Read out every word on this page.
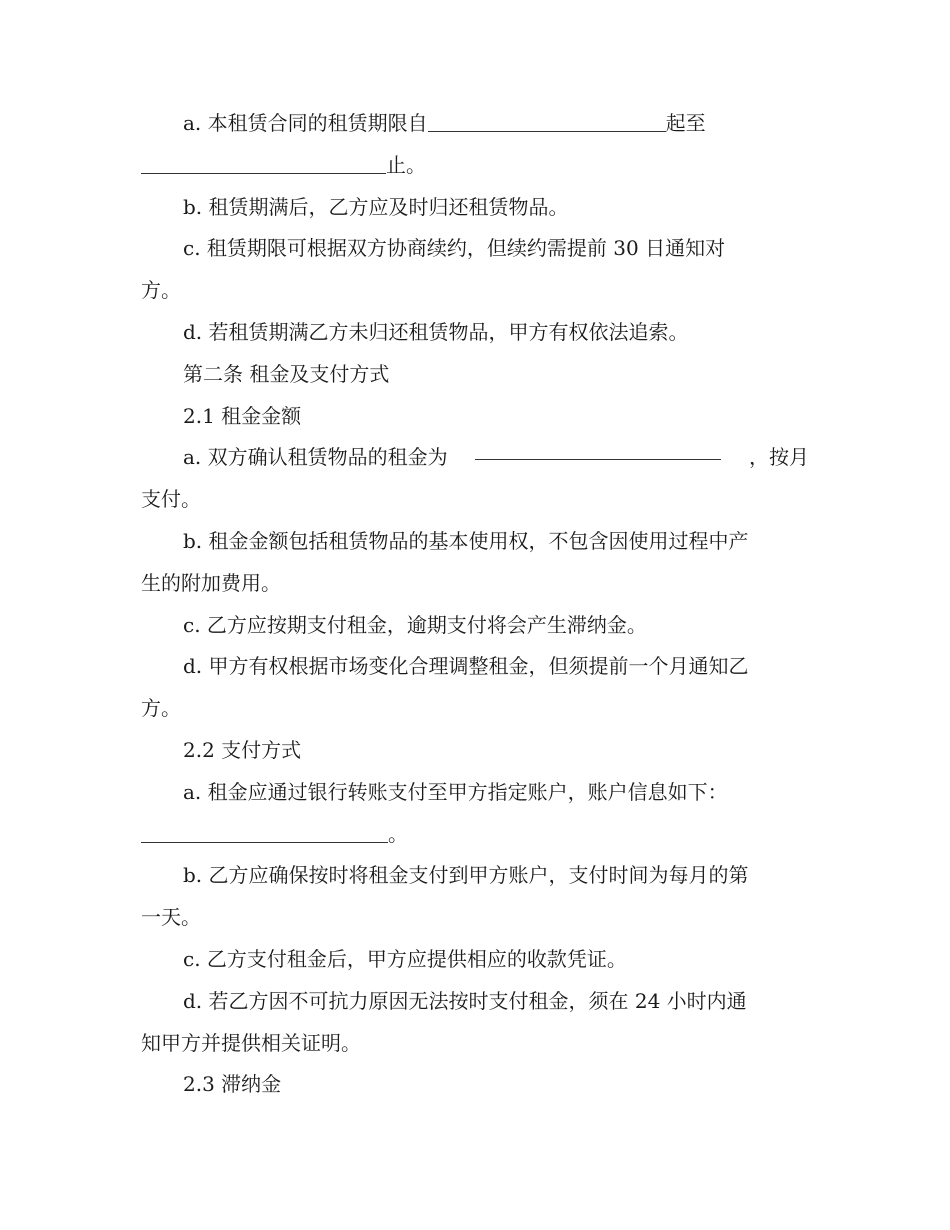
a. 本租赁合同的租赁期限自	起至
止。
b. 租赁期满后，乙方应及时归还租赁物品。
c. 租赁期限可根据双方协商续约，但续约需提前 30 日通知对
方。
d. 若租赁期满乙方未归还租赁物品，甲方有权依法追索。
第二条 租金及支付方式
2.1 租金金额
a. 双方确认租赁物品的租金为	，按月
支付。
b. 租金金额包括租赁物品的基本使用权，不包含因使用过程中产
生的附加费用。
c. 乙方应按期支付租金，逾期支付将会产生滞纳金。
d. 甲方有权根据市场变化合理调整租金，但须提前一个月通知乙
方。
2.2 支付方式
a. 租金应通过银行转账支付至甲方指定账户，账户信息如下：
。
b. 乙方应确保按时将租金支付到甲方账户，支付时间为每月的第
一天。
c. 乙方支付租金后，甲方应提供相应的收款凭证。
d. 若乙方因不可抗力原因无法按时支付租金，须在 24 小时内通
知甲方并提供相关证明。
2.3 滞纳金
